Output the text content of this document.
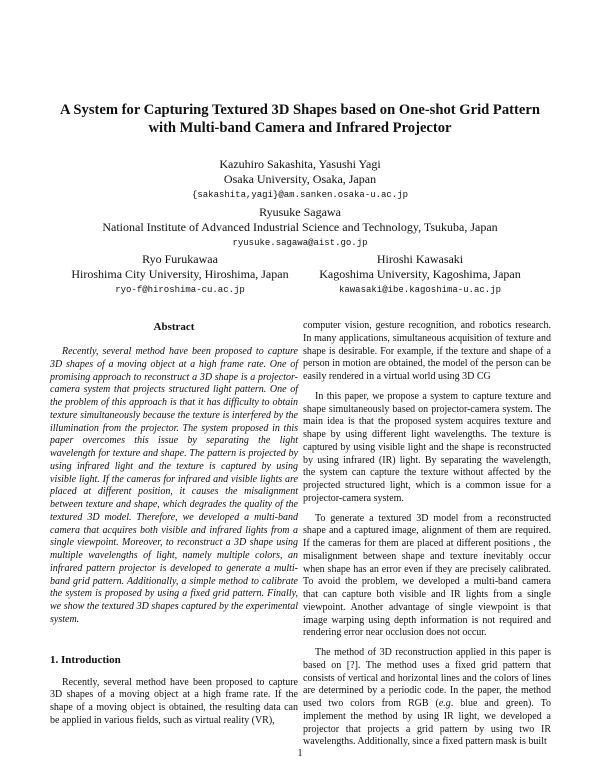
A System for Capturing Textured 3D Shapes based on One-shot Grid Pattern
with Multi-band Camera and Infrared Projector
Kazuhiro Sakashita, Yasushi Yagi
Osaka University, Osaka, Japan
{sakashita,yagi}@am.sanken.osaka-u.ac.jp
Ryusuke Sagawa
National Institute of Advanced Industrial Science and Technology, Tsukuba, Japan
ryusuke.sagawa@aist.go.jp
Ryo Furukawaa
Hiroshima City University, Hiroshima, Japan
ryo-f@hiroshima-cu.ac.jp
Hiroshi Kawasaki
Kagoshima University, Kagoshima, Japan
kawasaki@ibe.kagoshima-u.ac.jp
Abstract

Recently, several method have been proposed to capture 3D shapes of a moving object at a high frame rate. One of promising approach to reconstruct a 3D shape is a projector-camera system that projects structured light pattern. One of the problem of this approach is that it has difficulty to obtain texture simultaneously because the texture is interfered by the illumination from the projector. The system proposed in this paper overcomes this issue by separating the light wavelength for texture and shape. The pattern is projected by using infrared light and the texture is captured by using visible light. If the cameras for infrared and visible lights are placed at different position, it causes the misalignment between texture and shape, which degrades the quality of the textured 3D model. Therefore, we developed a multi-band camera that acquires both visible and infrared lights from a single viewpoint. Moreover, to reconstruct a 3D shape using multiple wavelengths of light, namely multiple colors, an infrared pattern projector is developed to generate a multi-band grid pattern. Additionally, a simple method to calibrate the system is proposed by using a fixed grid pattern. Finally, we show the textured 3D shapes captured by the experimental system.

1. Introduction

Recently, several method have been proposed to capture 3D shapes of a moving object at a high frame rate. If the shape of a moving object is obtained, the resulting data can be applied in various fields, such as virtual reality (VR),

computer vision, gesture recognition, and robotics research. In many applications, simultaneous acquisition of texture and shape is desirable. For example, if the texture and shape of a person in motion are obtained, the model of the person can be easily rendered in a virtual world using 3D CG

In this paper, we propose a system to capture texture and shape simultaneously based on projector-camera system. The main idea is that the proposed system acquires texture and shape by using different light wavelengths. The texture is captured by using visible light and the shape is reconstructed by using infrared (IR) light. By separating the wavelength, the system can capture the texture without affected by the projected structured light, which is a common issue for a projector-camera system.

To generate a textured 3D model from a reconstructed shape and a captured image, alignment of them are required. If the cameras for them are placed at different positions , the misalignment between shape and texture inevitably occur when shape has an error even if they are precisely calibrated. To avoid the problem, we developed a multi-band camera that can capture both visible and IR lights from a single viewpoint. Another advantage of single viewpoint is that image warping using depth information is not required and rendering error near occlusion does not occur.

The method of 3D reconstruction applied in this paper is based on [?]. The method uses a fixed grid pattern that consists of vertical and horizontal lines and the colors of lines are determined by a periodic code. In the paper, the method used two colors from RGB (e.g. blue and green). To implement the method by using IR light, we developed a projector that projects a grid pattern by using two IR wavelengths. Additionally, since a fixed pattern mask is built

1
